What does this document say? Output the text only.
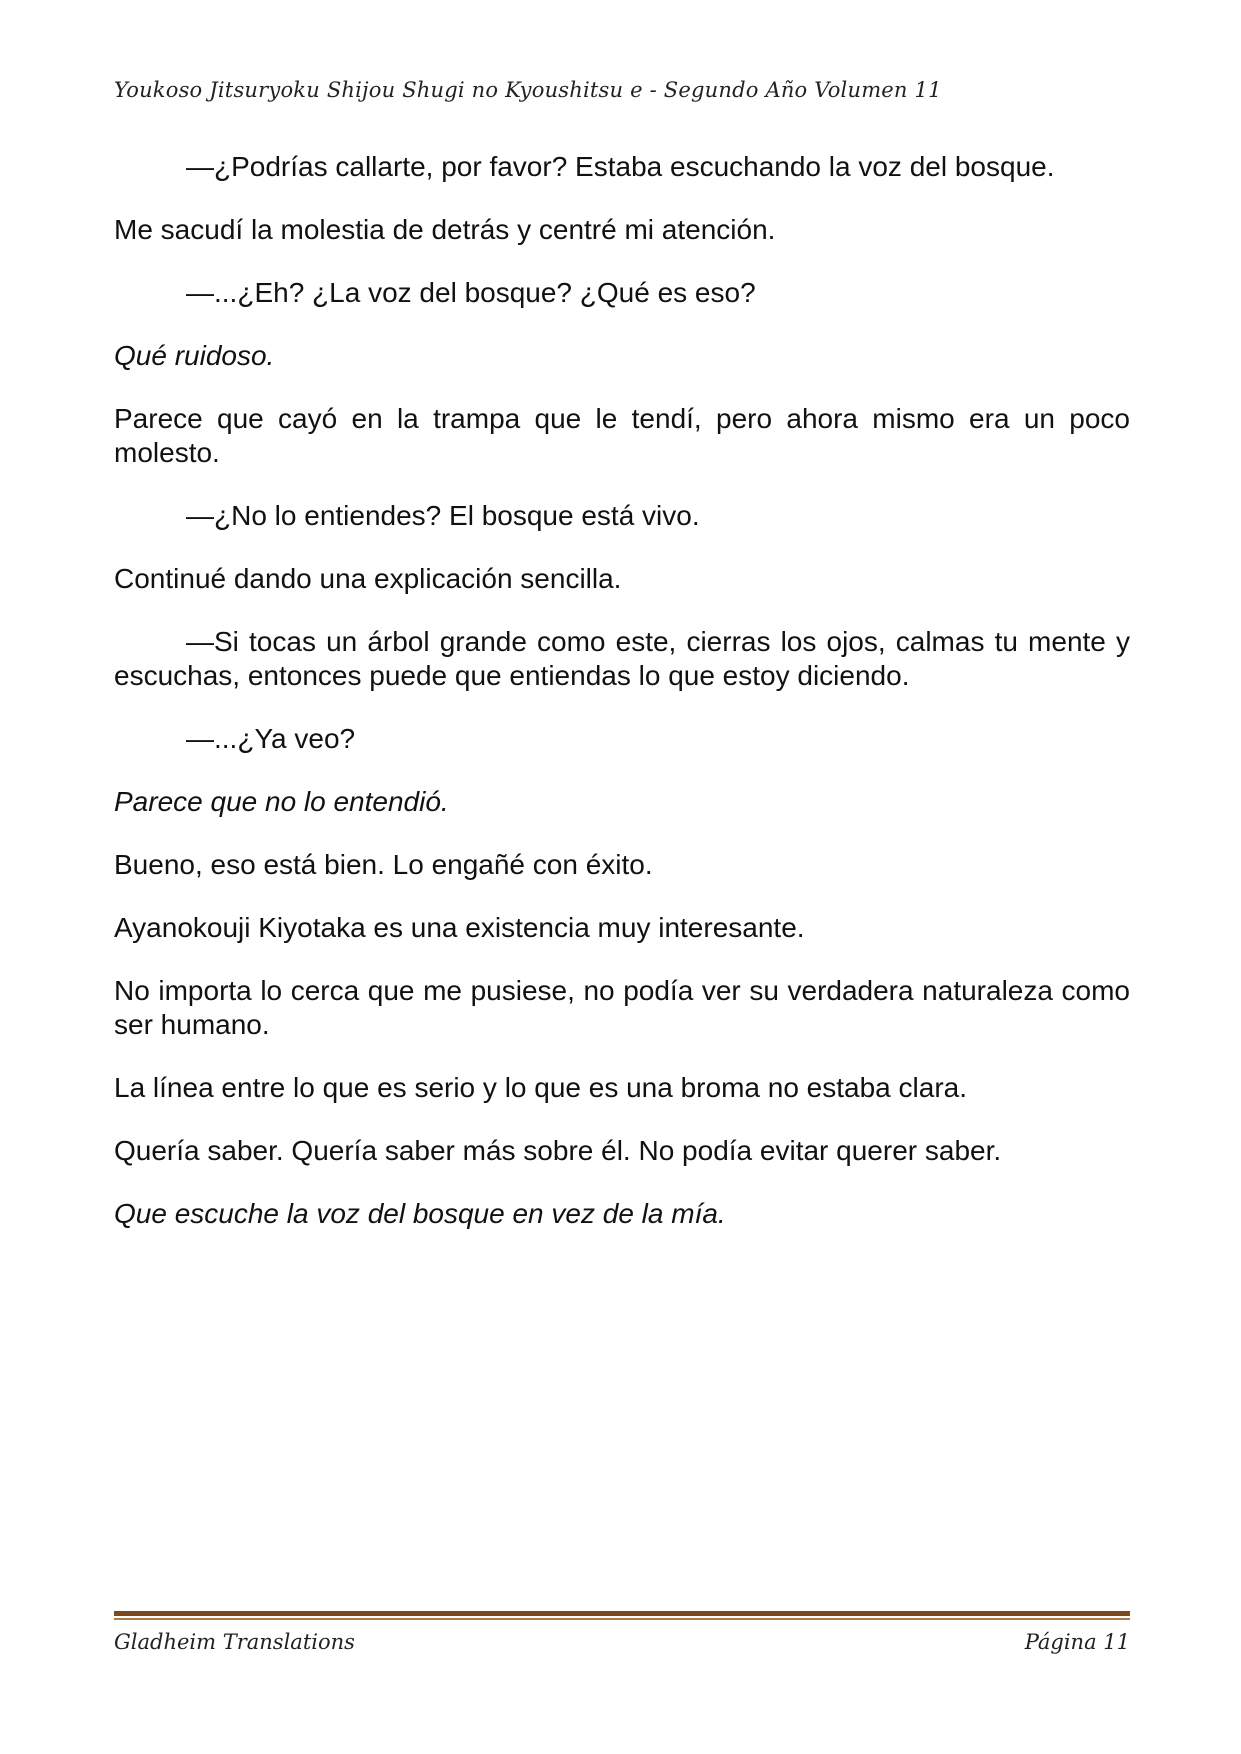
Youkoso Jitsuryoku Shijou Shugi no Kyoushitsu e - Segundo Año Volumen 11

—¿Podrías callarte, por favor? Estaba escuchando la voz del bosque.

Me sacudí la molestia de detrás y centré mi atención.

—...¿Eh? ¿La voz del bosque? ¿Qué es eso?

Qué ruidoso.

Parece que cayó en la trampa que le tendí, pero ahora mismo era un poco molesto.

—¿No lo entiendes? El bosque está vivo.

Continué dando una explicación sencilla.

—Si tocas un árbol grande como este, cierras los ojos, calmas tu mente y escuchas, entonces puede que entiendas lo que estoy diciendo.

—...¿Ya veo?

Parece que no lo entendió.

Bueno, eso está bien. Lo engañé con éxito.

Ayanokouji Kiyotaka es una existencia muy interesante.

No importa lo cerca que me pusiese, no podía ver su verdadera naturaleza como ser humano.

La línea entre lo que es serio y lo que es una broma no estaba clara.

Quería saber. Quería saber más sobre él. No podía evitar querer saber.

Que escuche la voz del bosque en vez de la mía.

Gladheim Translations	Página 11
